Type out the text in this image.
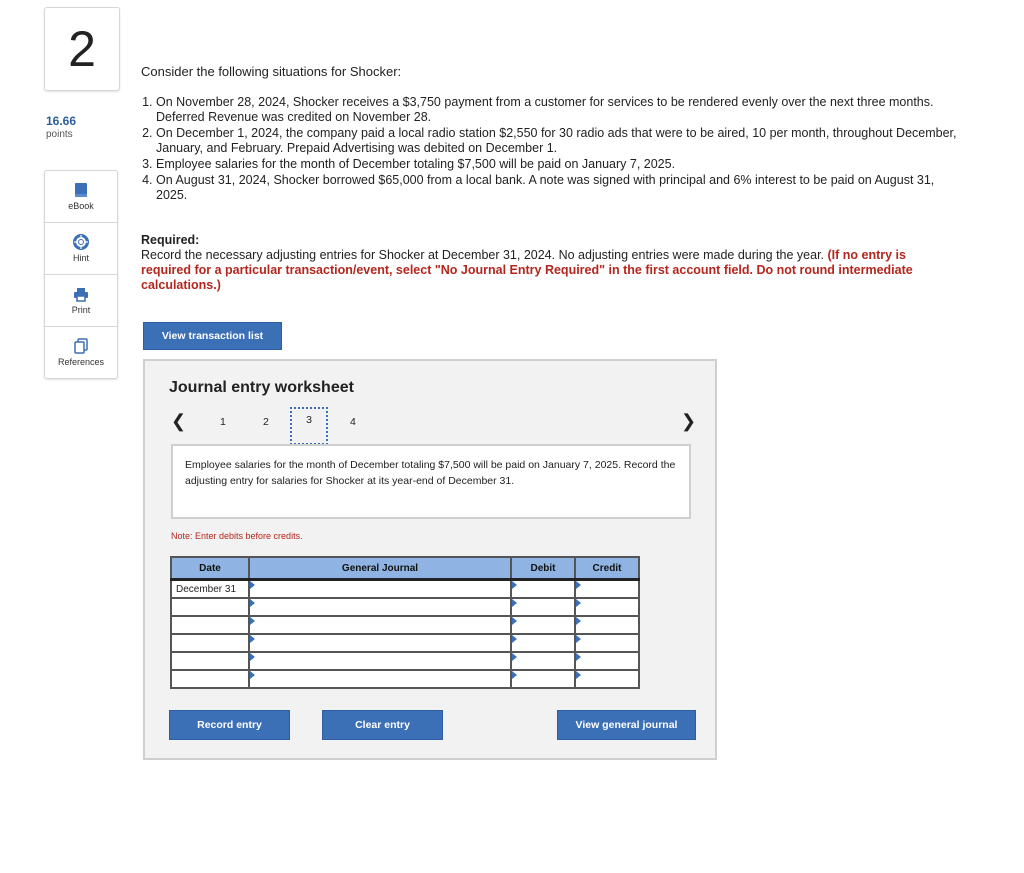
2
16.66
points
eBook
Hint
Print
References
Consider the following situations for Shocker:
1. On November 28, 2024, Shocker receives a $3,750 payment from a customer for services to be rendered evenly over the next three months. Deferred Revenue was credited on November 28.
2. On December 1, 2024, the company paid a local radio station $2,550 for 30 radio ads that were to be aired, 10 per month, throughout December, January, and February. Prepaid Advertising was debited on December 1.
3. Employee salaries for the month of December totaling $7,500 will be paid on January 7, 2025.
4. On August 31, 2024, Shocker borrowed $65,000 from a local bank. A note was signed with principal and 6% interest to be paid on August 31, 2025.
Required:
Record the necessary adjusting entries for Shocker at December 31, 2024. No adjusting entries were made during the year. (If no entry is required for a particular transaction/event, select "No Journal Entry Required" in the first account field. Do not round intermediate calculations.)
View transaction list
Journal entry worksheet
❮	1	2	3	4	❯
Employee salaries for the month of December totaling $7,500 will be paid on January 7, 2025. Record the adjusting entry for salaries for Shocker at its year-end of December 31.
Note: Enter debits before credits.
Date	General Journal	Debit	Credit
December 31	

Record entry	Clear entry	View general journal
